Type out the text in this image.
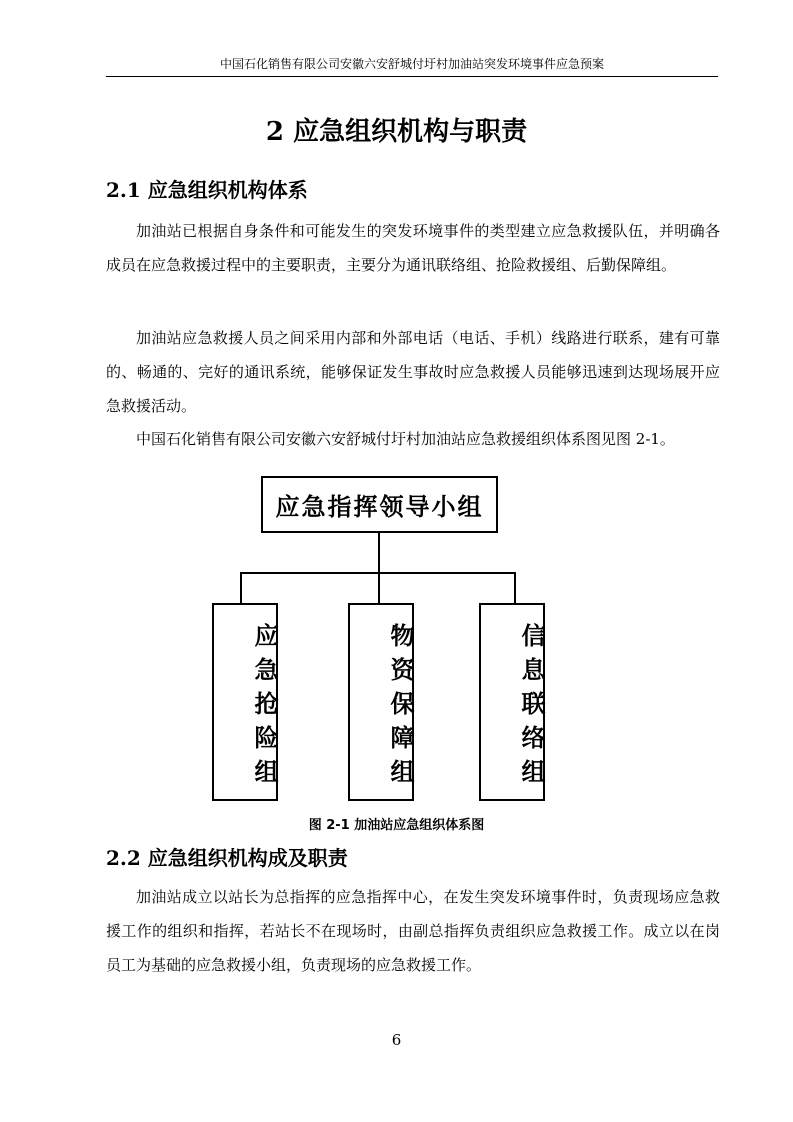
中国石化销售有限公司安徽六安舒城付圩村加油站突发环境事件应急预案
2 应急组织机构与职责
2.1 应急组织机构体系

加油站已根据自身条件和可能发生的突发环境事件的类型建立应急救援队伍，并明确各成员在应急救援过程中的主要职责，主要分为通讯联络组、抢险救援组、后勤保障组。

加油站应急救援人员之间采用内部和外部电话（电话、手机）线路进行联系，建有可靠的、畅通的、完好的通讯系统，能够保证发生事故时应急救援人员能够迅速到达现场展开应急救援活动。

中国石化销售有限公司安徽六安舒城付圩村加油站应急救援组织体系图见图 2-1。

应急指挥领导小组
应急抢险组	物资保障组	信息联络组
图 2-1 加油站应急组织体系图
2.2 应急组织机构成及职责

加油站成立以站长为总指挥的应急指挥中心，在发生突发环境事件时，负责现场应急救援工作的组织和指挥，若站长不在现场时，由副总指挥负责组织应急救援工作。成立以在岗员工为基础的应急救援小组，负责现场的应急救援工作。

6
